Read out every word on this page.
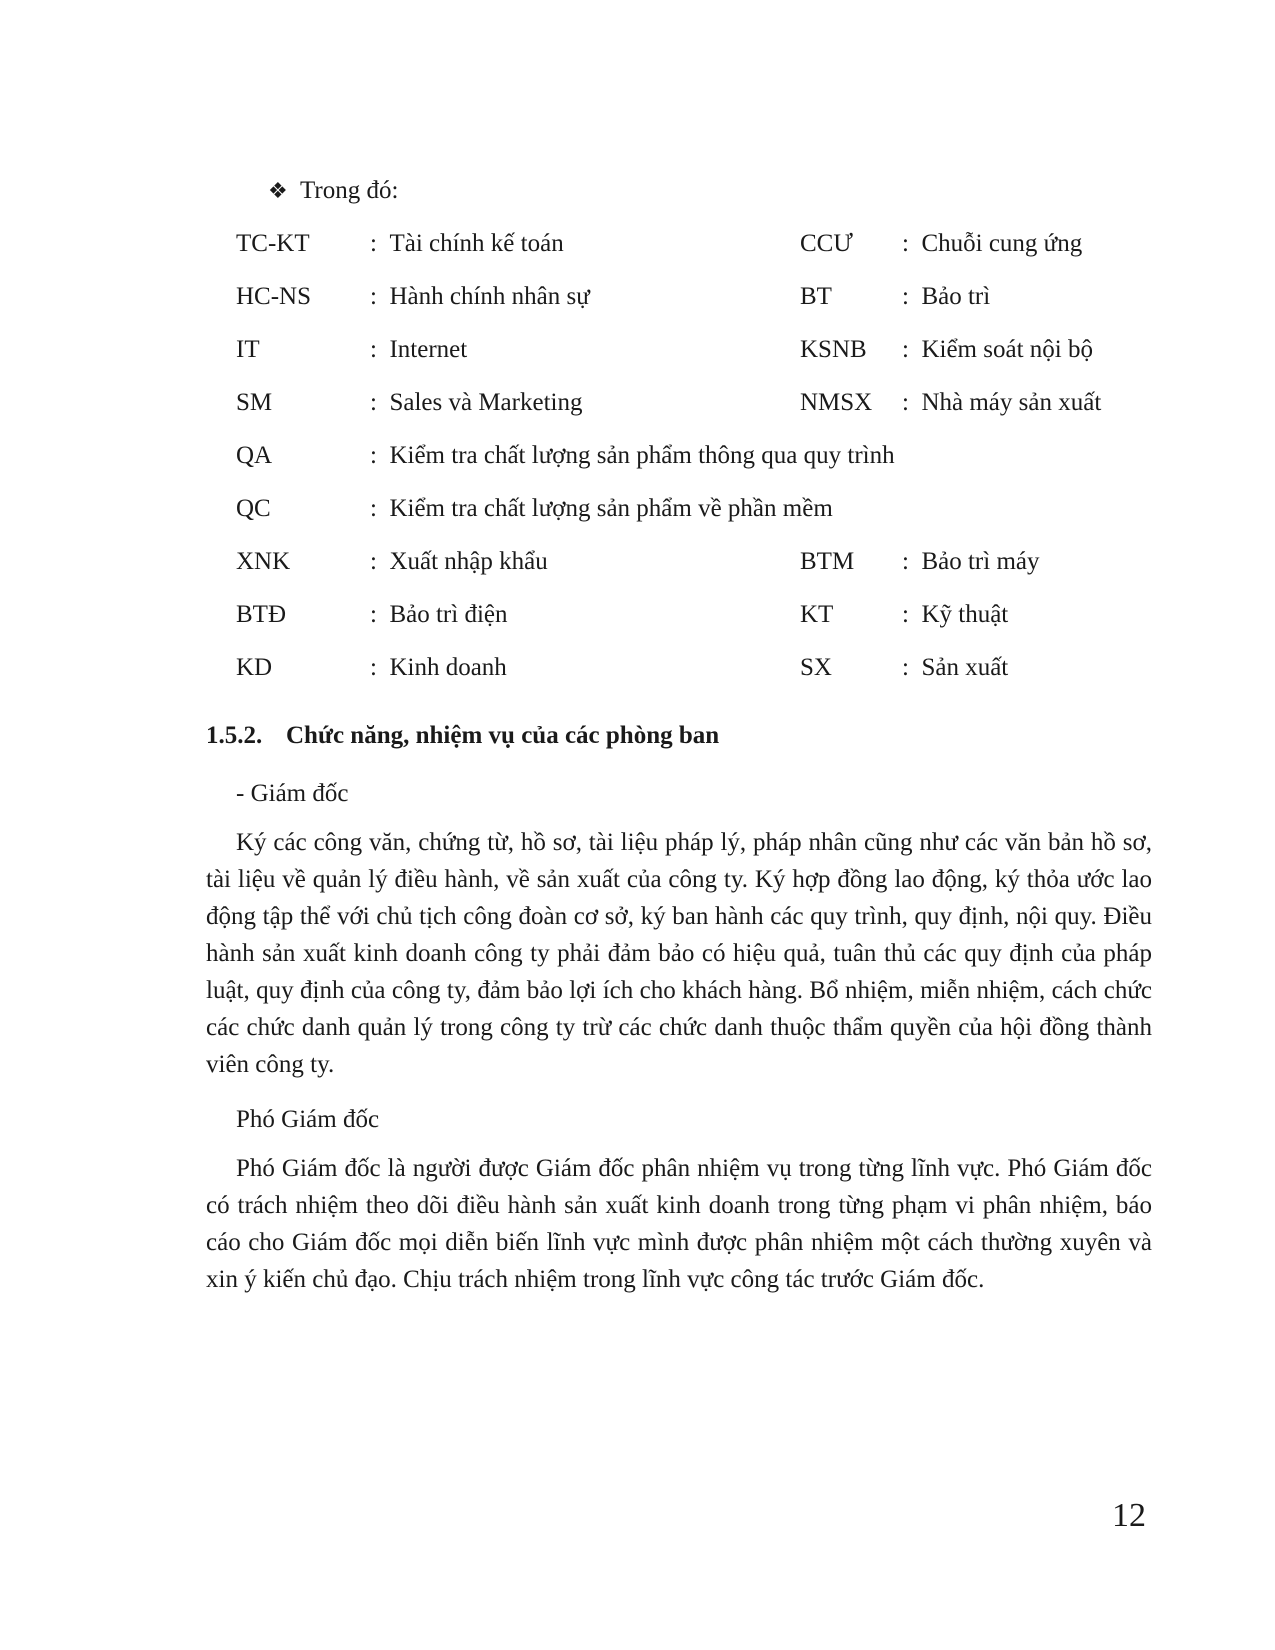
❖ Trong đó:
TC-KT : Tài chính kế toán	CCƯ : Chuỗi cung ứng
HC-NS : Hành chính nhân sự	BT	: Bảo trì
IT	: Internet	KSNB : Kiểm soát nội bộ
SM	: Sales và Marketing	NMSX : Nhà máy sản xuất
QA	: Kiểm tra chất lượng sản phẩm thông qua quy trình
QC	: Kiểm tra chất lượng sản phẩm về phần mềm
XNK	: Xuất nhập khẩu	BTM : Bảo trì máy
BTĐ	: Bảo trì điện	KT	: Kỹ thuật
KD	: Kinh doanh	SX	: Sản xuất
1.5.2. Chức năng, nhiệm vụ của các phòng ban
- Giám đốc
Ký các công văn, chứng từ, hồ sơ, tài liệu pháp lý, pháp nhân cũng như các văn bản hồ sơ, tài liệu về quản lý điều hành, về sản xuất của công ty. Ký hợp đồng lao động, ký thỏa ước lao động tập thể với chủ tịch công đoàn cơ sở, ký ban hành các quy trình, quy định, nội quy. Điều hành sản xuất kinh doanh công ty phải đảm bảo có hiệu quả, tuân thủ các quy định của pháp luật, quy định của công ty, đảm bảo lợi ích cho khách hàng. Bổ nhiệm, miễn nhiệm, cách chức các chức danh quản lý trong công ty trừ các chức danh thuộc thẩm quyền của hội đồng thành viên công ty.
Phó Giám đốc
Phó Giám đốc là người được Giám đốc phân nhiệm vụ trong từng lĩnh vực. Phó Giám đốc có trách nhiệm theo dõi điều hành sản xuất kinh doanh trong từng phạm vi phân nhiệm, báo cáo cho Giám đốc mọi diễn biến lĩnh vực mình được phân nhiệm một cách thường xuyên và xin ý kiến chủ đạo. Chịu trách nhiệm trong lĩnh vực công tác trước Giám đốc.
12
